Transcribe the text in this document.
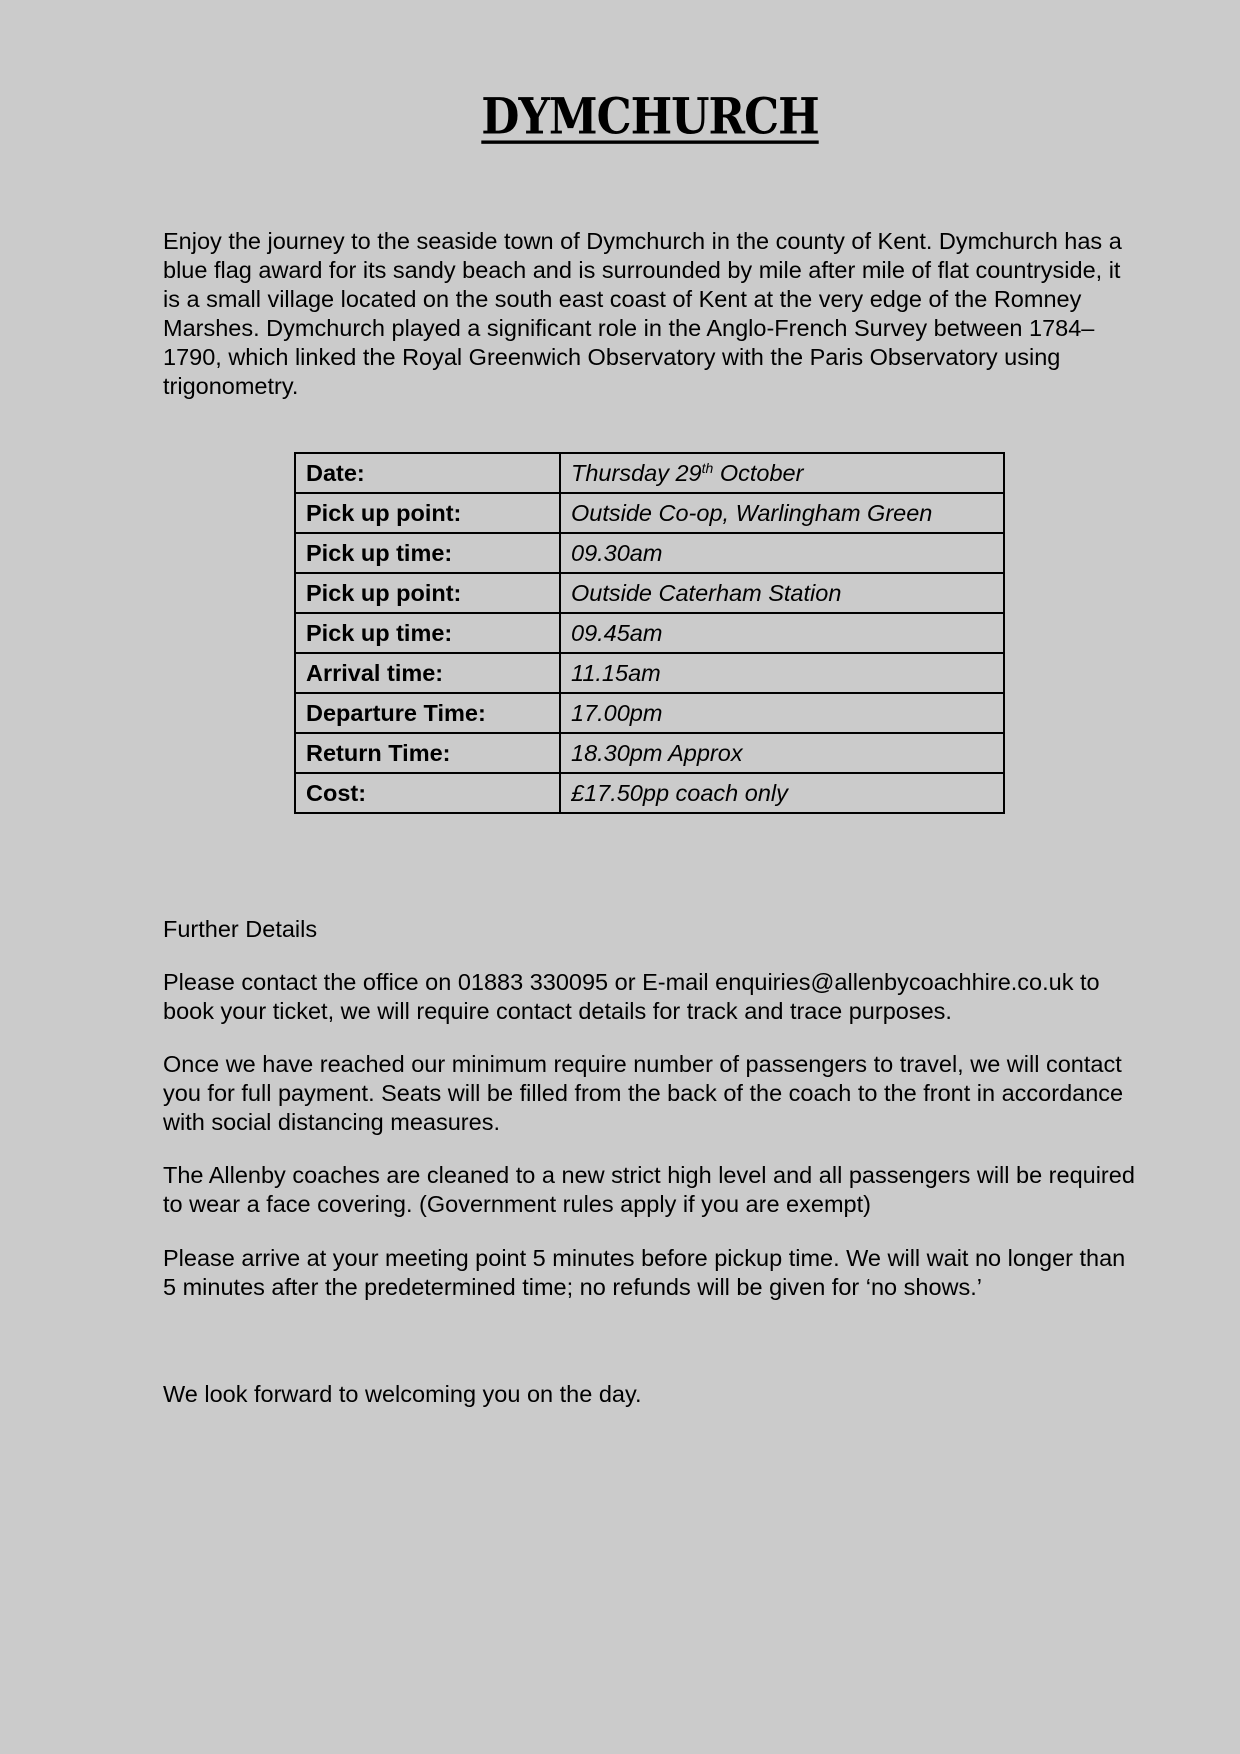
DYMCHURCH

Enjoy the journey to the seaside town of Dymchurch in the county of Kent. Dymchurch has a blue flag award for its sandy beach and is surrounded by mile after mile of flat countryside, it is a small village located on the south east coast of Kent at the very edge of the Romney Marshes. Dymchurch played a significant role in the Anglo-French Survey between 1784–1790, which linked the Royal Greenwich Observatory with the Paris Observatory using trigonometry.

Date:	Thursday 29th October
Pick up point:	Outside Co-op, Warlingham Green
Pick up time:	09.30am
Pick up point:	Outside Caterham Station
Pick up time:	09.45am
Arrival time:	11.15am
Departure Time:	17.00pm
Return Time:	18.30pm Approx
Cost:	£17.50pp coach only

Further Details

Please contact the office on 01883 330095 or E-mail enquiries@allenbycoachhire.co.uk to book your ticket, we will require contact details for track and trace purposes.

Once we have reached our minimum require number of passengers to travel, we will contact you for full payment. Seats will be filled from the back of the coach to the front in accordance with social distancing measures.

The Allenby coaches are cleaned to a new strict high level and all passengers will be required to wear a face covering. (Government rules apply if you are exempt)

Please arrive at your meeting point 5 minutes before pickup time. We will wait no longer than 5 minutes after the predetermined time; no refunds will be given for ‘no shows.’

We look forward to welcoming you on the day.
